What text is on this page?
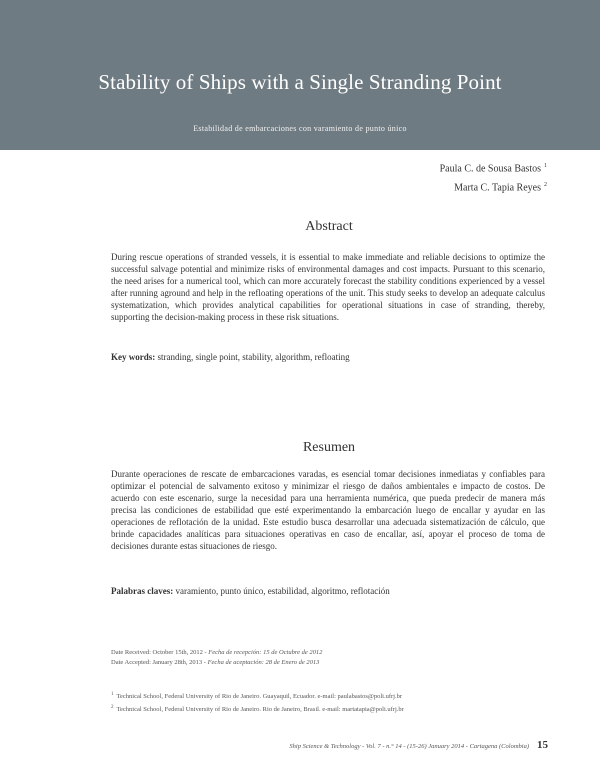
Stability of Ships with a Single Stranding Point
Estabilidad de embarcaciones con varamiento de punto único
Paula C. de Sousa Bastos $^1$
Marta C. Tapia Reyes $^2$
Abstract
During rescue operations of stranded vessels, it is essential to make immediate and reliable decisions to optimize the successful salvage potential and minimize risks of environmental damages and cost impacts. Pursuant to this scenario, the need arises for a numerical tool, which can more accurately forecast the stability conditions experienced by a vessel after running aground and help in the refloating operations of the unit. This study seeks to develop an adequate calculus systematization, which provides analytical capabilities for operational situations in case of stranding, thereby, supporting the decision-making process in these risk situations.
Key words: stranding, single point, stability, algorithm, refloating
Resumen
Durante operaciones de rescate de embarcaciones varadas, es esencial tomar decisiones inmediatas y confiables para optimizar el potencial de salvamento exitoso y minimizar el riesgo de daños ambientales e impacto de costos. De acuerdo con este escenario, surge la necesidad para una herramienta numérica, que pueda predecir de manera más precisa las condiciones de estabilidad que esté experimentando la embarcación luego de encallar y ayudar en las operaciones de reflotación de la unidad. Este estudio busca desarrollar una adecuada sistematización de cálculo, que brinde capacidades analíticas para situaciones operativas en caso de encallar, así, apoyar el proceso de toma de decisiones durante estas situaciones de riesgo.
Palabras claves: varamiento, punto único, estabilidad, algoritmo, reflotación
Date Received: October 15th, 2012 - Fecha de recepción: 15 de Octubre de 2012
Date Accepted: January 28th, 2013 - Fecha de aceptación: 28 de Enero de 2013
$^1$ Technical School, Federal University of Rio de Janeiro. Guayaquil, Ecuador. e-mail: paulabastos@poli.ufrj.br
$^2$ Technical School, Federal University of Rio de Janeiro. Rio de Janeiro, Brasil. e-mail: martatapia@poli.ufrj.br
Ship Science & Technology - Vol. 7 - n.° 14 - (15-26) January 2014 - Cartagena (Colombia) 15
